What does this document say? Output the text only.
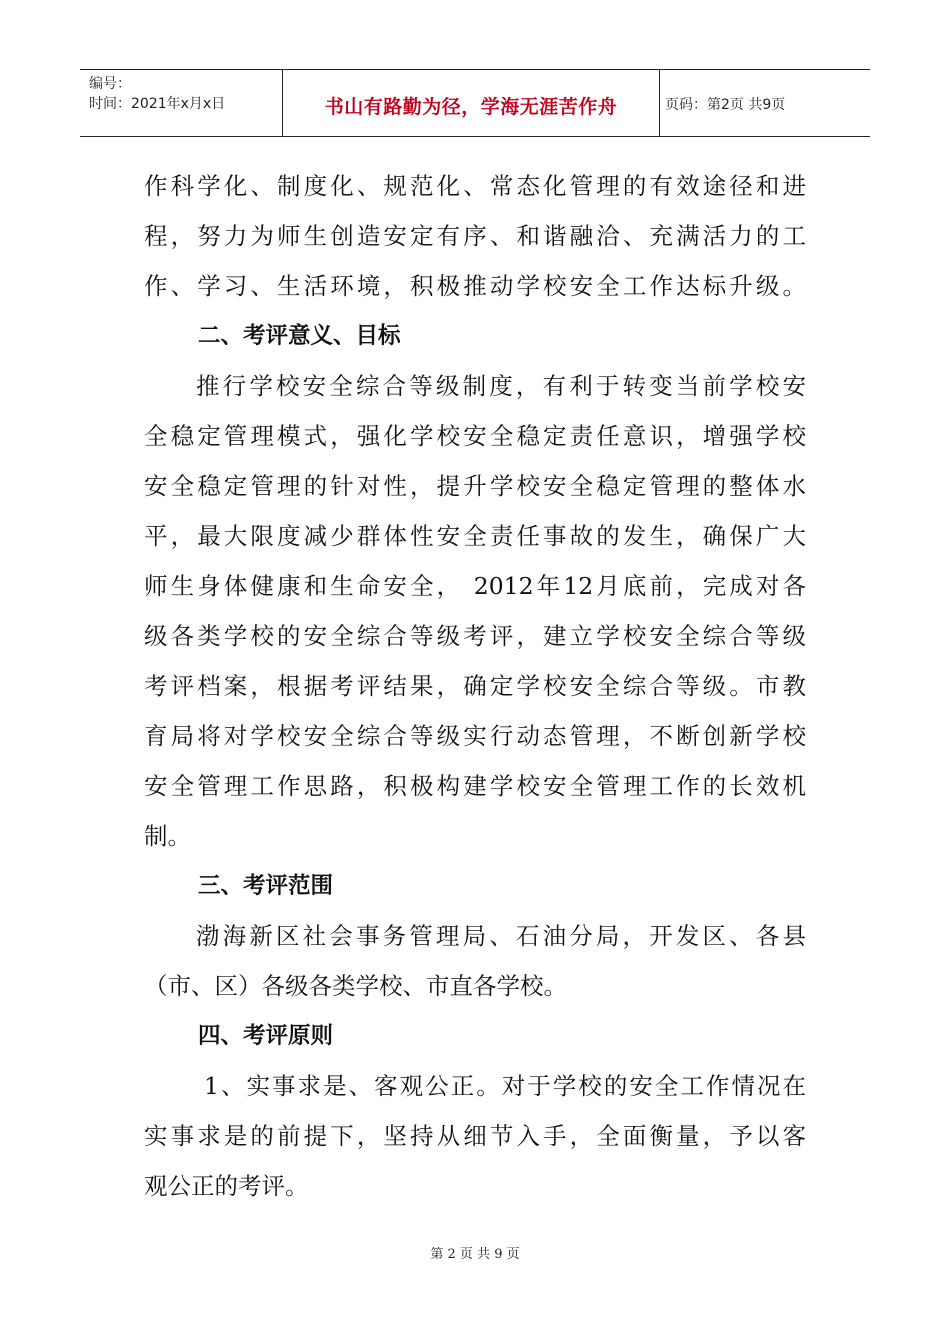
编号：
时间：2021年x月x日	书山有路勤为径，学海无涯苦作舟	页码：第2页 共9页
作科学化、制度化、规范化、常态化管理的有效途径和进
程，努力为师生创造安定有序、和谐融洽、充满活力的工
作、学习、生活环境，积极推动学校安全工作达标升级。
二、考评意义、目标
推行学校安全综合等级制度，有利于转变当前学校安
全稳定管理模式，强化学校安全稳定责任意识，增强学校
安全稳定管理的针对性，提升学校安全稳定管理的整体水
平，最大限度减少群体性安全责任事故的发生，确保广大
师生身体健康和生命安全， 2012年12月底前，完成对各
级各类学校的安全综合等级考评，建立学校安全综合等级
考评档案，根据考评结果，确定学校安全综合等级。市教
育局将对学校安全综合等级实行动态管理，不断创新学校
安全管理工作思路，积极构建学校安全管理工作的长效机
制。
三、考评范围
渤海新区社会事务管理局、石油分局，开发区、各县
（市、区）各级各类学校、市直各学校。
四、考评原则
1、实事求是、客观公正。对于学校的安全工作情况在
实事求是的前提下，坚持从细节入手，全面衡量，予以客
观公正的考评。
第 2 页 共 9 页
